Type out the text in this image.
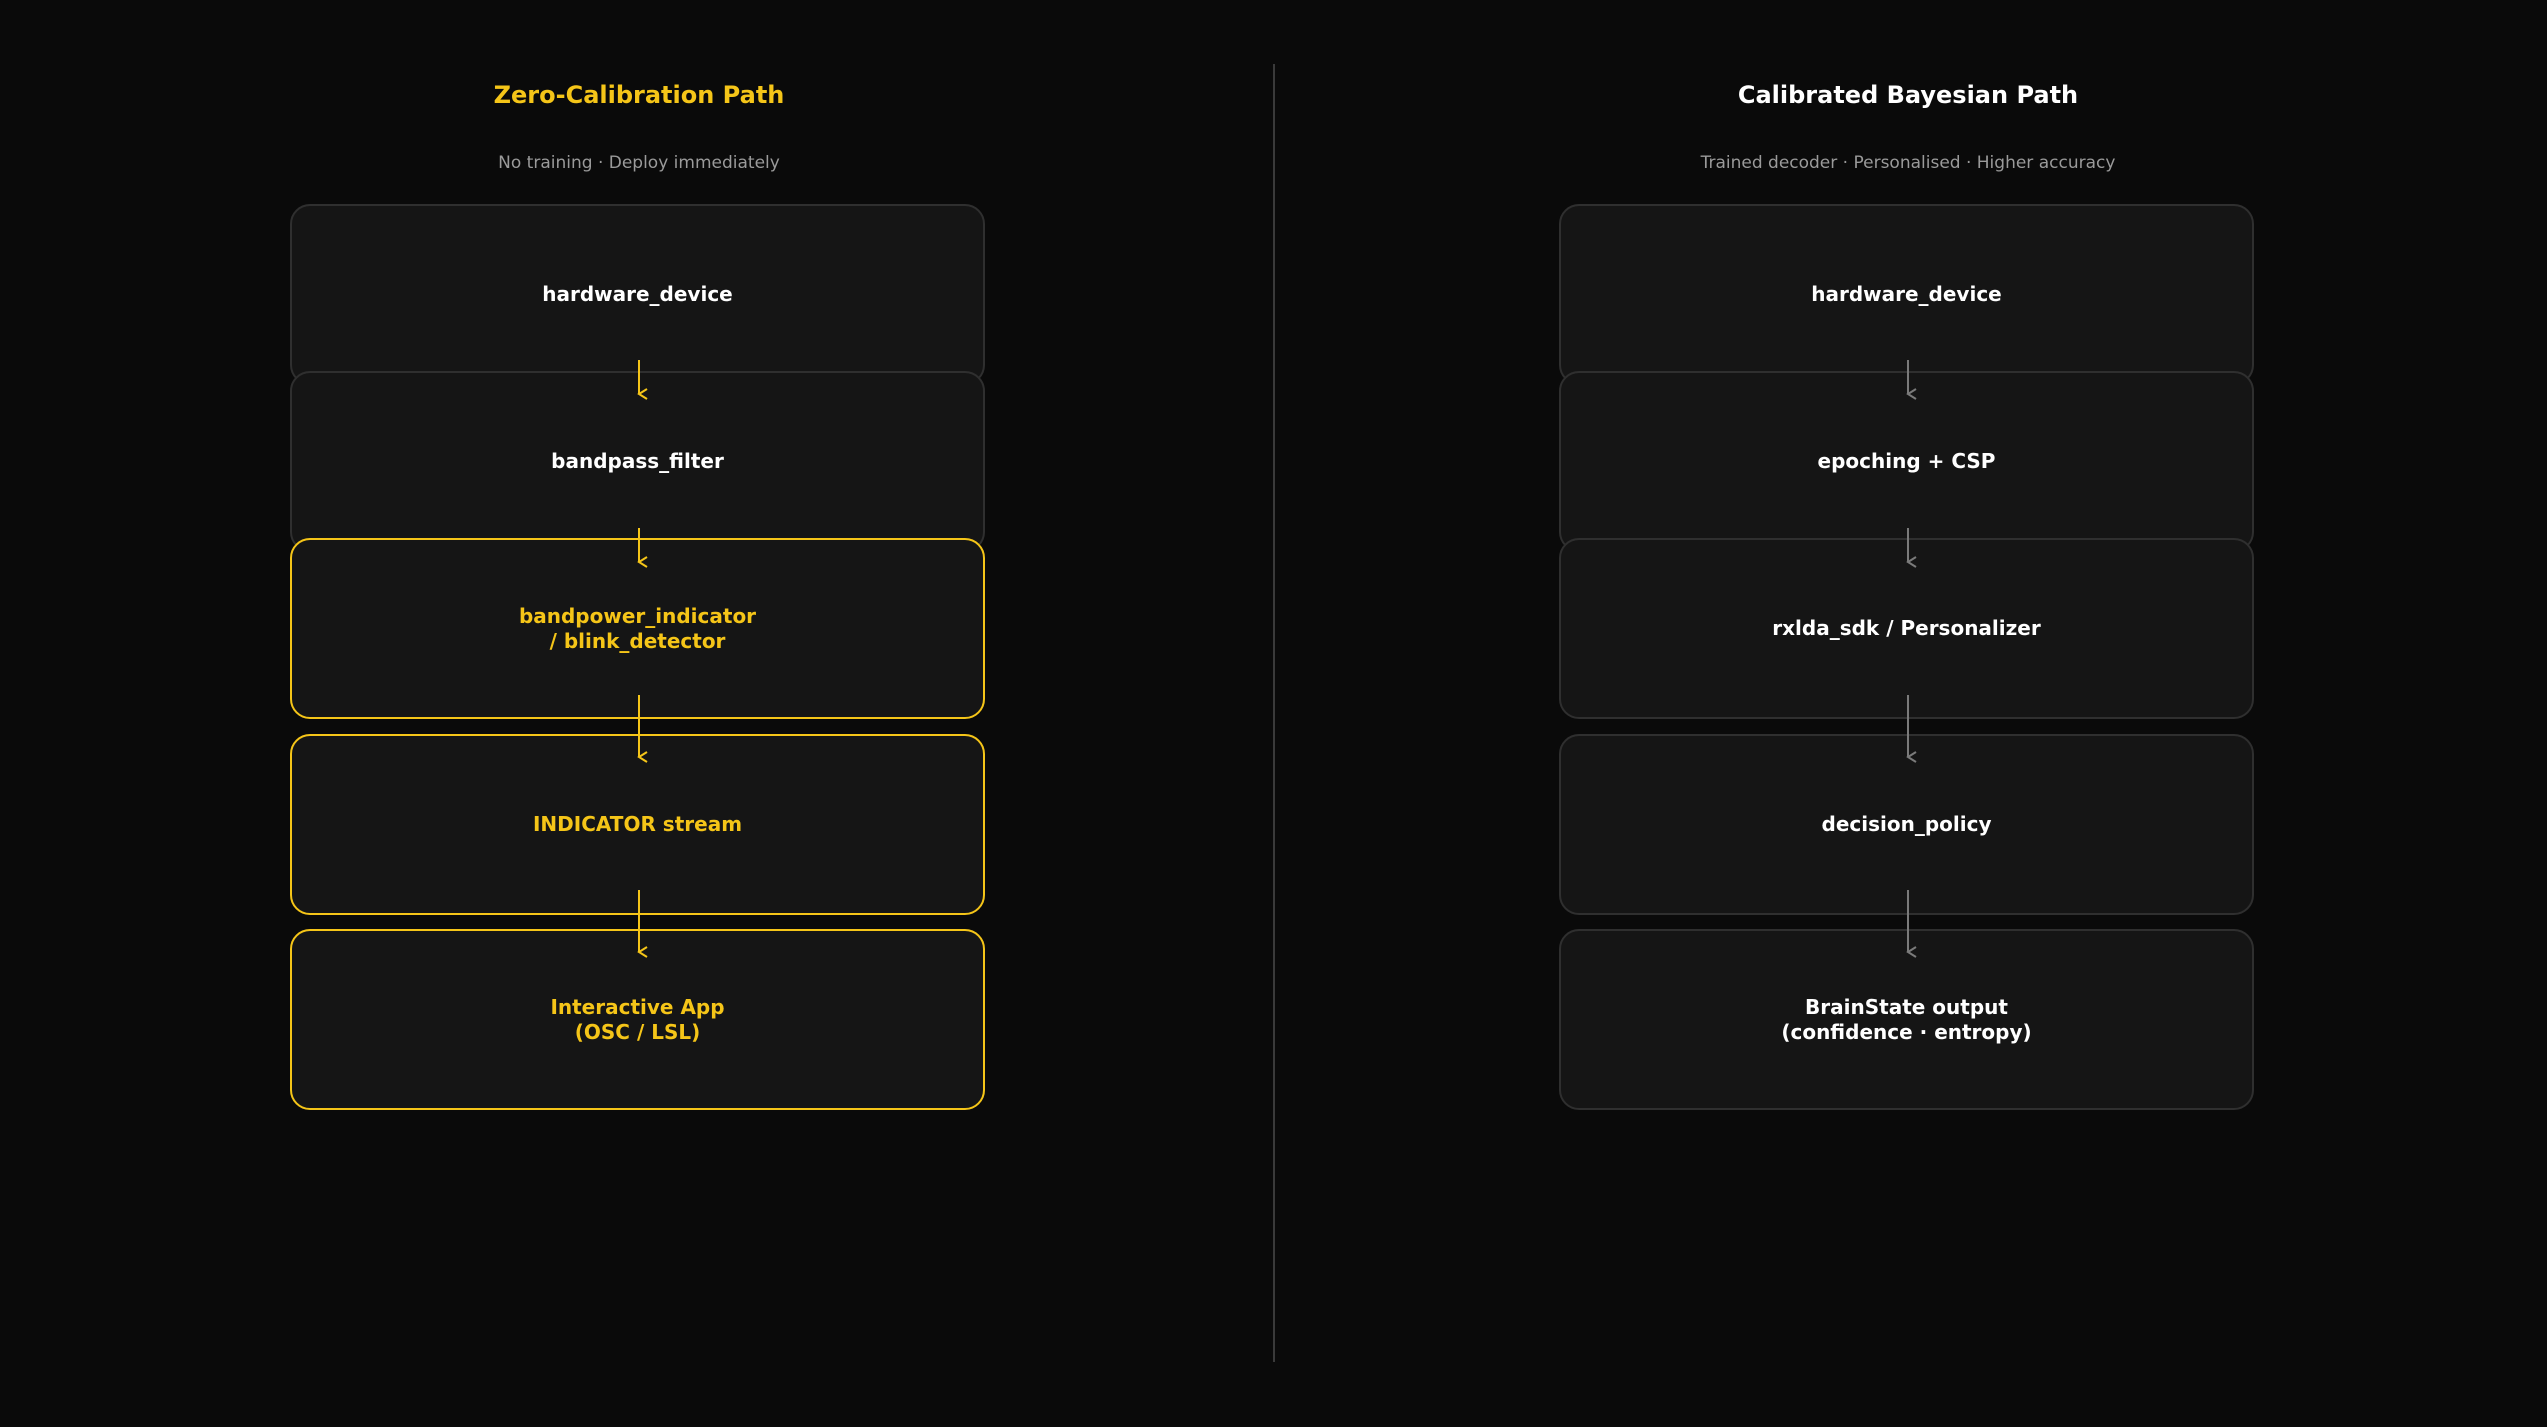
Zero-Calibration Path
No training · Deploy immediately
Calibrated Bayesian Path
Trained decoder · Personalised · Higher accuracy
hardware_device
bandpass_filter
bandpower_indicator
/ blink_detector
INDICATOR stream
Interactive App
(OSC / LSL)
hardware_device
epoching + CSP
rxlda_sdk / Personalizer
decision_policy
BrainState output
(confidence · entropy)
